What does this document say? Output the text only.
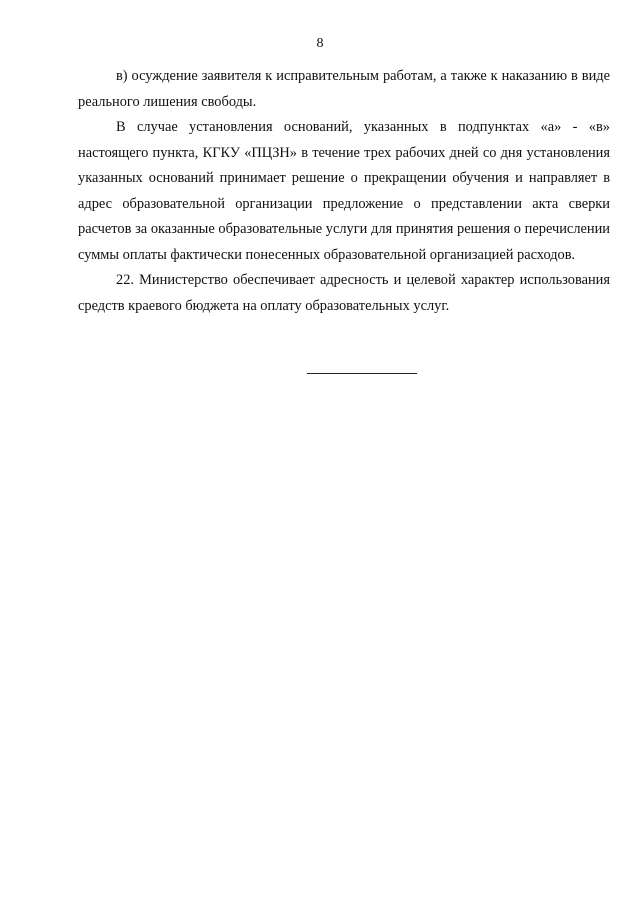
8

в) осуждение заявителя к исправительным работам, а также к наказанию в виде реального лишения свободы.

В случае установления оснований, указанных в подпунктах «а» - «в» настоящего пункта, КГКУ «ПЦЗН» в течение трех рабочих дней со дня установления указанных оснований принимает решение о прекращении обучения и направляет в адрес образовательной организации предложение о представлении акта сверки расчетов за оказанные образовательные услуги для принятия решения о перечислении суммы оплаты фактически понесенных образовательной организацией расходов.

22. Министерство обеспечивает адресность и целевой характер использования средств краевого бюджета на оплату образовательных услуг.
